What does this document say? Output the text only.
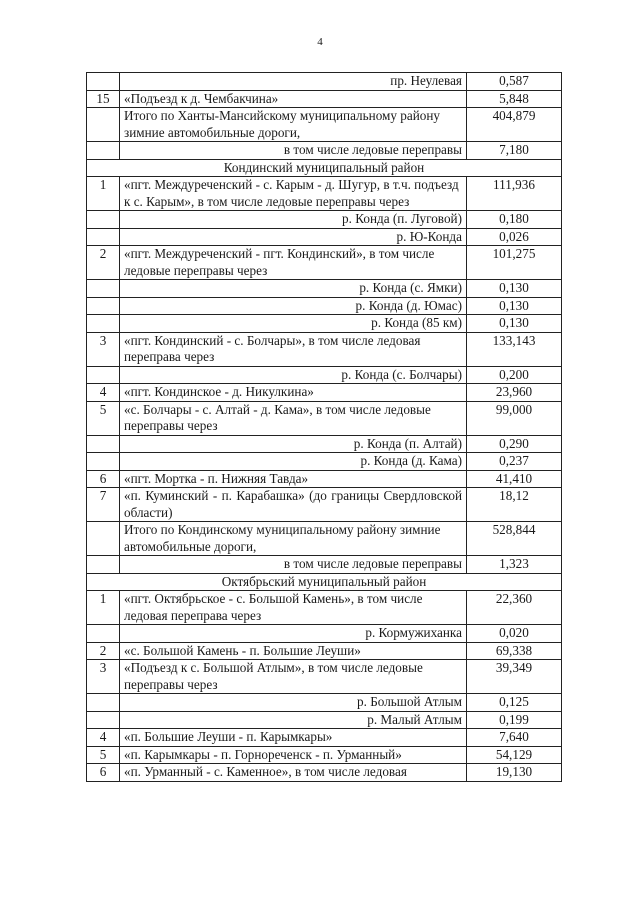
4
	пр. Неулевая	0,587
15	«Подъезд к д. Чембакчина»	5,848
	Итого по Ханты-Мансийскому муниципальному району зимние автомобильные дороги,	404,879
	в том числе ледовые переправы	7,180
Кондинский муниципальный район		
1	«пгт. Междуреченский - с. Карым - д. Шугур, в т.ч. подъезд к с. Карым», в том числе ледовые переправы через	111,936
	р. Конда (п. Луговой)	0,180
	р. Ю-Конда	0,026
2	«пгт. Междуреченский - пгт. Кондинский», в том числе ледовые переправы через	101,275
	р. Конда (с. Ямки)	0,130
	р. Конда (д. Юмас)	0,130
	р. Конда (85 км)	0,130
3	«пгт. Кондинский - с. Болчары», в том числе ледовая переправа через	133,143
	р. Конда (с. Болчары)	0,200
4	«пгт. Кондинское - д. Никулкина»	23,960
5	«с. Болчары - с. Алтай - д. Кама», в том числе ледовые переправы через	99,000
	р. Конда (п. Алтай)	0,290
	р. Конда (д. Кама)	0,237
6	«пгт. Мортка - п. Нижняя Тавда»	41,410
7	«п. Куминский - п. Карабашка» (до границы Свердловской области)	18,12
	Итого по Кондинскому муниципальному району зимние автомобильные дороги,	528,844
	в том числе ледовые переправы	1,323
Октябрьский муниципальный район		
1	«пгт. Октябрьское - с. Большой Камень», в том числе ледовая переправа через	22,360
	р. Кормужиханка	0,020
2	«с. Большой Камень - п. Большие Леуши»	69,338
3	«Подъезд к с. Большой Атлым», в том числе ледовые переправы через	39,349
	р. Большой Атлым	0,125
	р. Малый Атлым	0,199
4	«п. Большие Леуши - п. Карымкары»	7,640
5	«п. Карымкары - п. Горнореченск - п. Урманный»	54,129
6	«п. Урманный - с. Каменное», в том числе ледовая	19,130
